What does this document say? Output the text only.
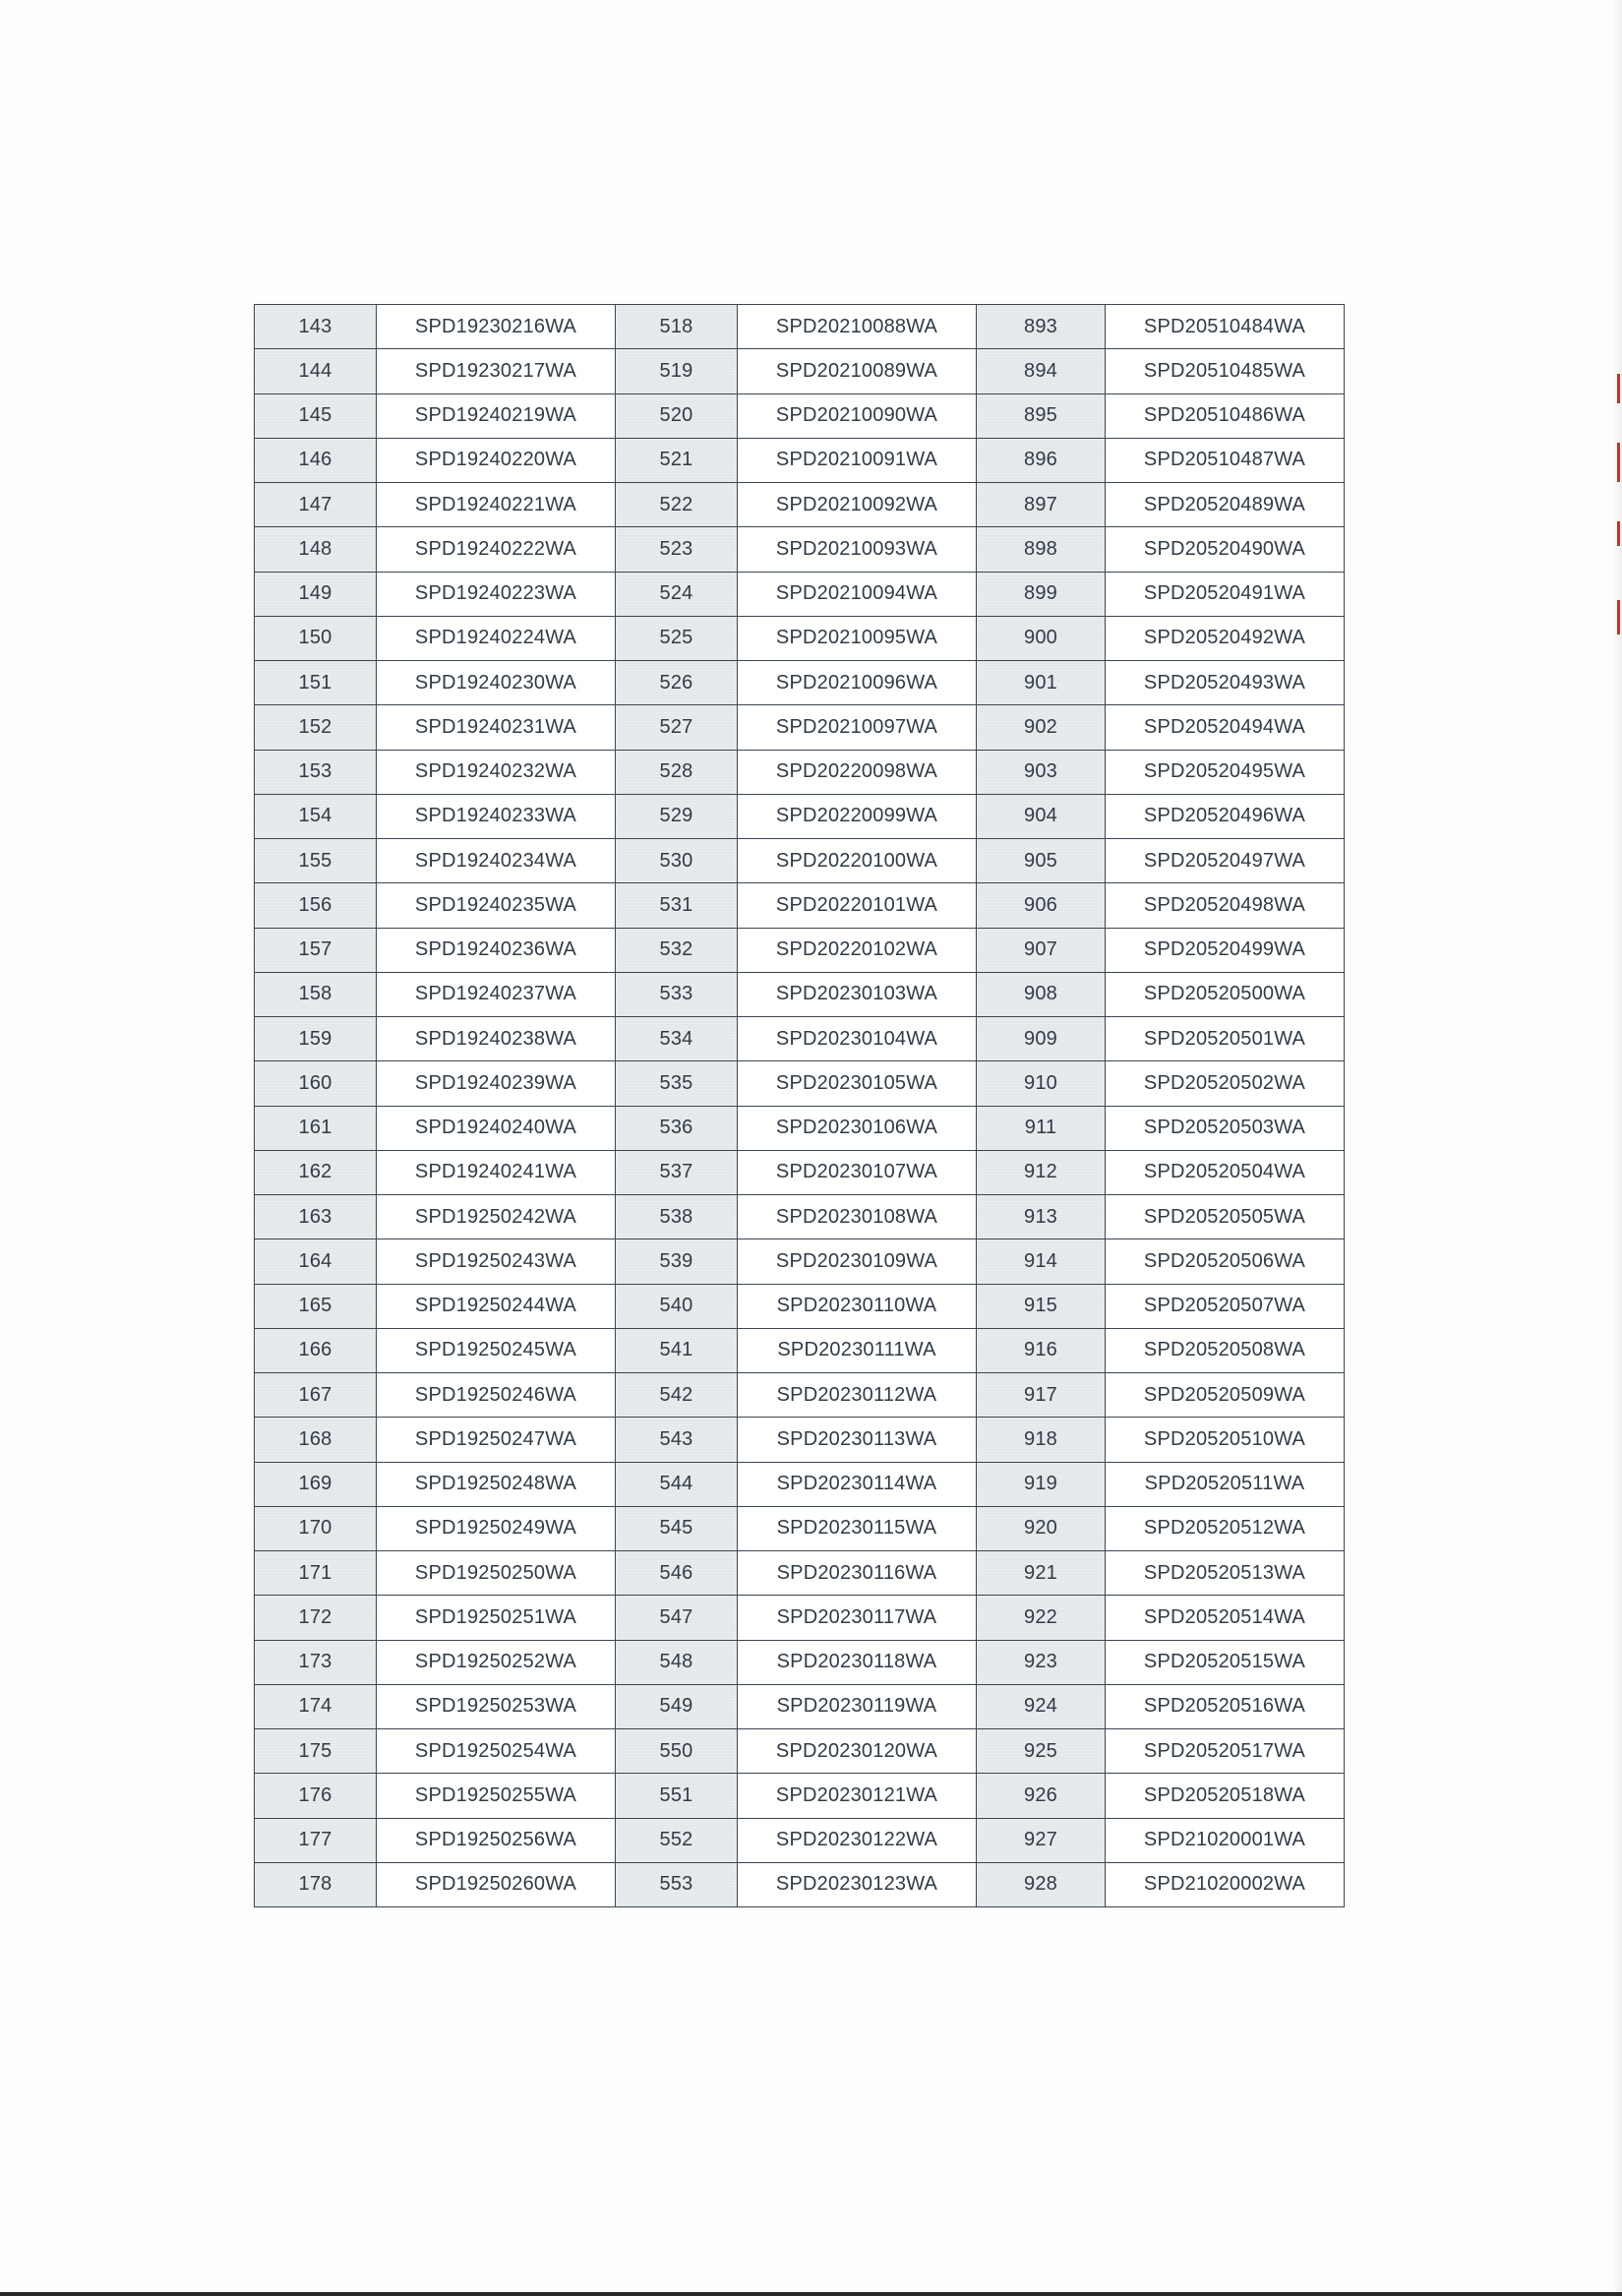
143	SPD19230216WA	518	SPD20210088WA	893	SPD20510484WA
144	SPD19230217WA	519	SPD20210089WA	894	SPD20510485WA
145	SPD19240219WA	520	SPD20210090WA	895	SPD20510486WA
146	SPD19240220WA	521	SPD20210091WA	896	SPD20510487WA
147	SPD19240221WA	522	SPD20210092WA	897	SPD20520489WA
148	SPD19240222WA	523	SPD20210093WA	898	SPD20520490WA
149	SPD19240223WA	524	SPD20210094WA	899	SPD20520491WA
150	SPD19240224WA	525	SPD20210095WA	900	SPD20520492WA
151	SPD19240230WA	526	SPD20210096WA	901	SPD20520493WA
152	SPD19240231WA	527	SPD20210097WA	902	SPD20520494WA
153	SPD19240232WA	528	SPD20220098WA	903	SPD20520495WA
154	SPD19240233WA	529	SPD20220099WA	904	SPD20520496WA
155	SPD19240234WA	530	SPD20220100WA	905	SPD20520497WA
156	SPD19240235WA	531	SPD20220101WA	906	SPD20520498WA
157	SPD19240236WA	532	SPD20220102WA	907	SPD20520499WA
158	SPD19240237WA	533	SPD20230103WA	908	SPD20520500WA
159	SPD19240238WA	534	SPD20230104WA	909	SPD20520501WA
160	SPD19240239WA	535	SPD20230105WA	910	SPD20520502WA
161	SPD19240240WA	536	SPD20230106WA	911	SPD20520503WA
162	SPD19240241WA	537	SPD20230107WA	912	SPD20520504WA
163	SPD19250242WA	538	SPD20230108WA	913	SPD20520505WA
164	SPD19250243WA	539	SPD20230109WA	914	SPD20520506WA
165	SPD19250244WA	540	SPD20230110WA	915	SPD20520507WA
166	SPD19250245WA	541	SPD20230111WA	916	SPD20520508WA
167	SPD19250246WA	542	SPD20230112WA	917	SPD20520509WA
168	SPD19250247WA	543	SPD20230113WA	918	SPD20520510WA
169	SPD19250248WA	544	SPD20230114WA	919	SPD20520511WA
170	SPD19250249WA	545	SPD20230115WA	920	SPD20520512WA
171	SPD19250250WA	546	SPD20230116WA	921	SPD20520513WA
172	SPD19250251WA	547	SPD20230117WA	922	SPD20520514WA
173	SPD19250252WA	548	SPD20230118WA	923	SPD20520515WA
174	SPD19250253WA	549	SPD20230119WA	924	SPD20520516WA
175	SPD19250254WA	550	SPD20230120WA	925	SPD20520517WA
176	SPD19250255WA	551	SPD20230121WA	926	SPD20520518WA
177	SPD19250256WA	552	SPD20230122WA	927	SPD21020001WA
178	SPD19250260WA	553	SPD20230123WA	928	SPD21020002WA
